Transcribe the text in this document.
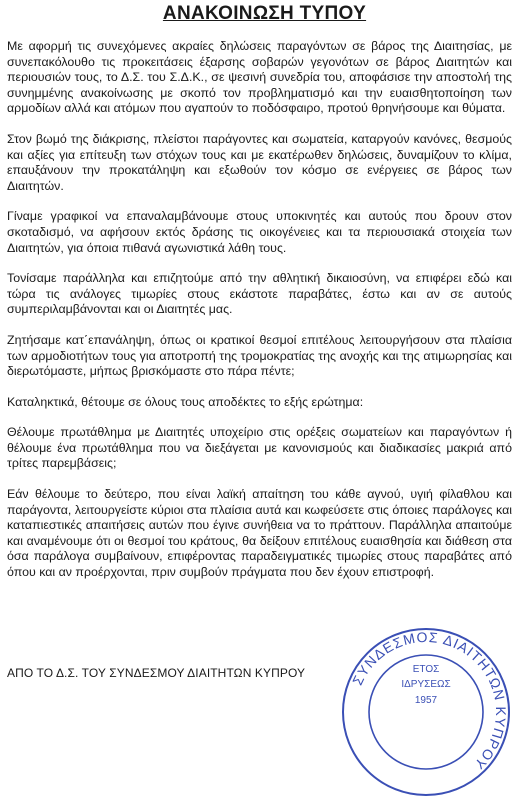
ΑΝΑΚΟΙΝΩΣΗ ΤΥΠΟΥ

Με αφορμή τις συνεχόμενες ακραίες δηλώσεις παραγόντων σε βάρος της Διαιτησίας, με συνεπακόλουθο τις προκειτάσεις έξαρσης σοβαρών γεγονότων σε βάρος Διαιτητών και περιουσιών τους, το Δ.Σ. του Σ.Δ.Κ., σε ψεσινή συνεδρία του, αποφάσισε την αποστολή της συνημμένης ανακοίνωσης με σκοπό τον προβληματισμό και την ευαισθητοποίηση των αρμοδίων αλλά και ατόμων που αγαπούν το ποδόσφαιρο, προτού θρηνήσουμε και θύματα.

Στον βωμό της διάκρισης, πλείστοι παράγοντες και σωματεία, καταργούν κανόνες, θεσμούς και αξίες για επίτευξη των στόχων τους και με εκατέρωθεν δηλώσεις, δυναμίζουν το κλίμα, επαυξάνουν την προκατάληψη και εξωθούν τον κόσμο σε ενέργειες σε βάρος των Διαιτητών.

Γίναμε γραφικοί να επαναλαμβάνουμε στους υποκινητές και αυτούς που δρουν στον σκοταδισμό, να αφήσουν εκτός δράσης τις οικογένειες και τα περιουσιακά στοιχεία των Διαιτητών, για όποια πιθανά αγωνιστικά λάθη τους.

Τονίσαμε παράλληλα και επιζητούμε από την αθλητική δικαιοσύνη, να επιφέρει εδώ και τώρα τις ανάλογες τιμωρίες στους εκάστοτε παραβάτες, έστω και αν σε αυτούς συμπεριλαμβάνονται και οι Διαιτητές μας.

Ζητήσαμε κατ΄επανάληψη, όπως οι κρατικοί θεσμοί επιτέλους λειτουργήσουν στα πλαίσια των αρμοδιοτήτων τους για αποτροπή της τρομοκρατίας της ανοχής και της ατιμωρησίας και διερωτόμαστε, μήπως βρισκόμαστε στο πάρα πέντε;

Καταληκτικά, θέτουμε σε όλους τους αποδέκτες το εξής ερώτημα:

Θέλουμε πρωτάθλημα με Διαιτητές υποχείριο στις ορέξεις σωματείων και παραγόντων ή θέλουμε ένα πρωτάθλημα που να διεξάγεται με κανονισμούς και διαδικασίες μακριά από τρίτες παρεμβάσεις;

Εάν θέλουμε το δεύτερο, που είναι λαϊκή απαίτηση του κάθε αγνού, υγιή φίλαθλου και παράγοντα, λειτουργείστε κύριοι στα πλαίσια αυτά και κωφεύσετε στις όποιες παράλογες και καταπιεστικές απαιτήσεις αυτών που έγινε συνήθεια να το πράττουν. Παράλληλα απαιτούμε και αναμένουμε ότι οι θεσμοί του κράτους, θα δείξουν επιτέλους ευαισθησία και διάθεση στα όσα παράλογα συμβαίνουν, επιφέροντας παραδειγματικές τιμωρίες στους παραβάτες από όπου και αν προέρχονται, πριν συμβούν πράγματα που δεν έχουν επιστροφή.

ΑΠΟ ΤΟ Δ.Σ. ΤΟΥ ΣΥΝΔΕΣΜΟΥ ΔΙΑΙΤΗΤΩΝ ΚΥΠΡΟΥ	ΣΥΝΔΕΣΜΟΣ ΔΙΑΙΤΗΤΩΝ ΚΥΠΡΟΥ
ΕΤΟΣ
ΙΔΡΥΣΕΩΣ
1957
